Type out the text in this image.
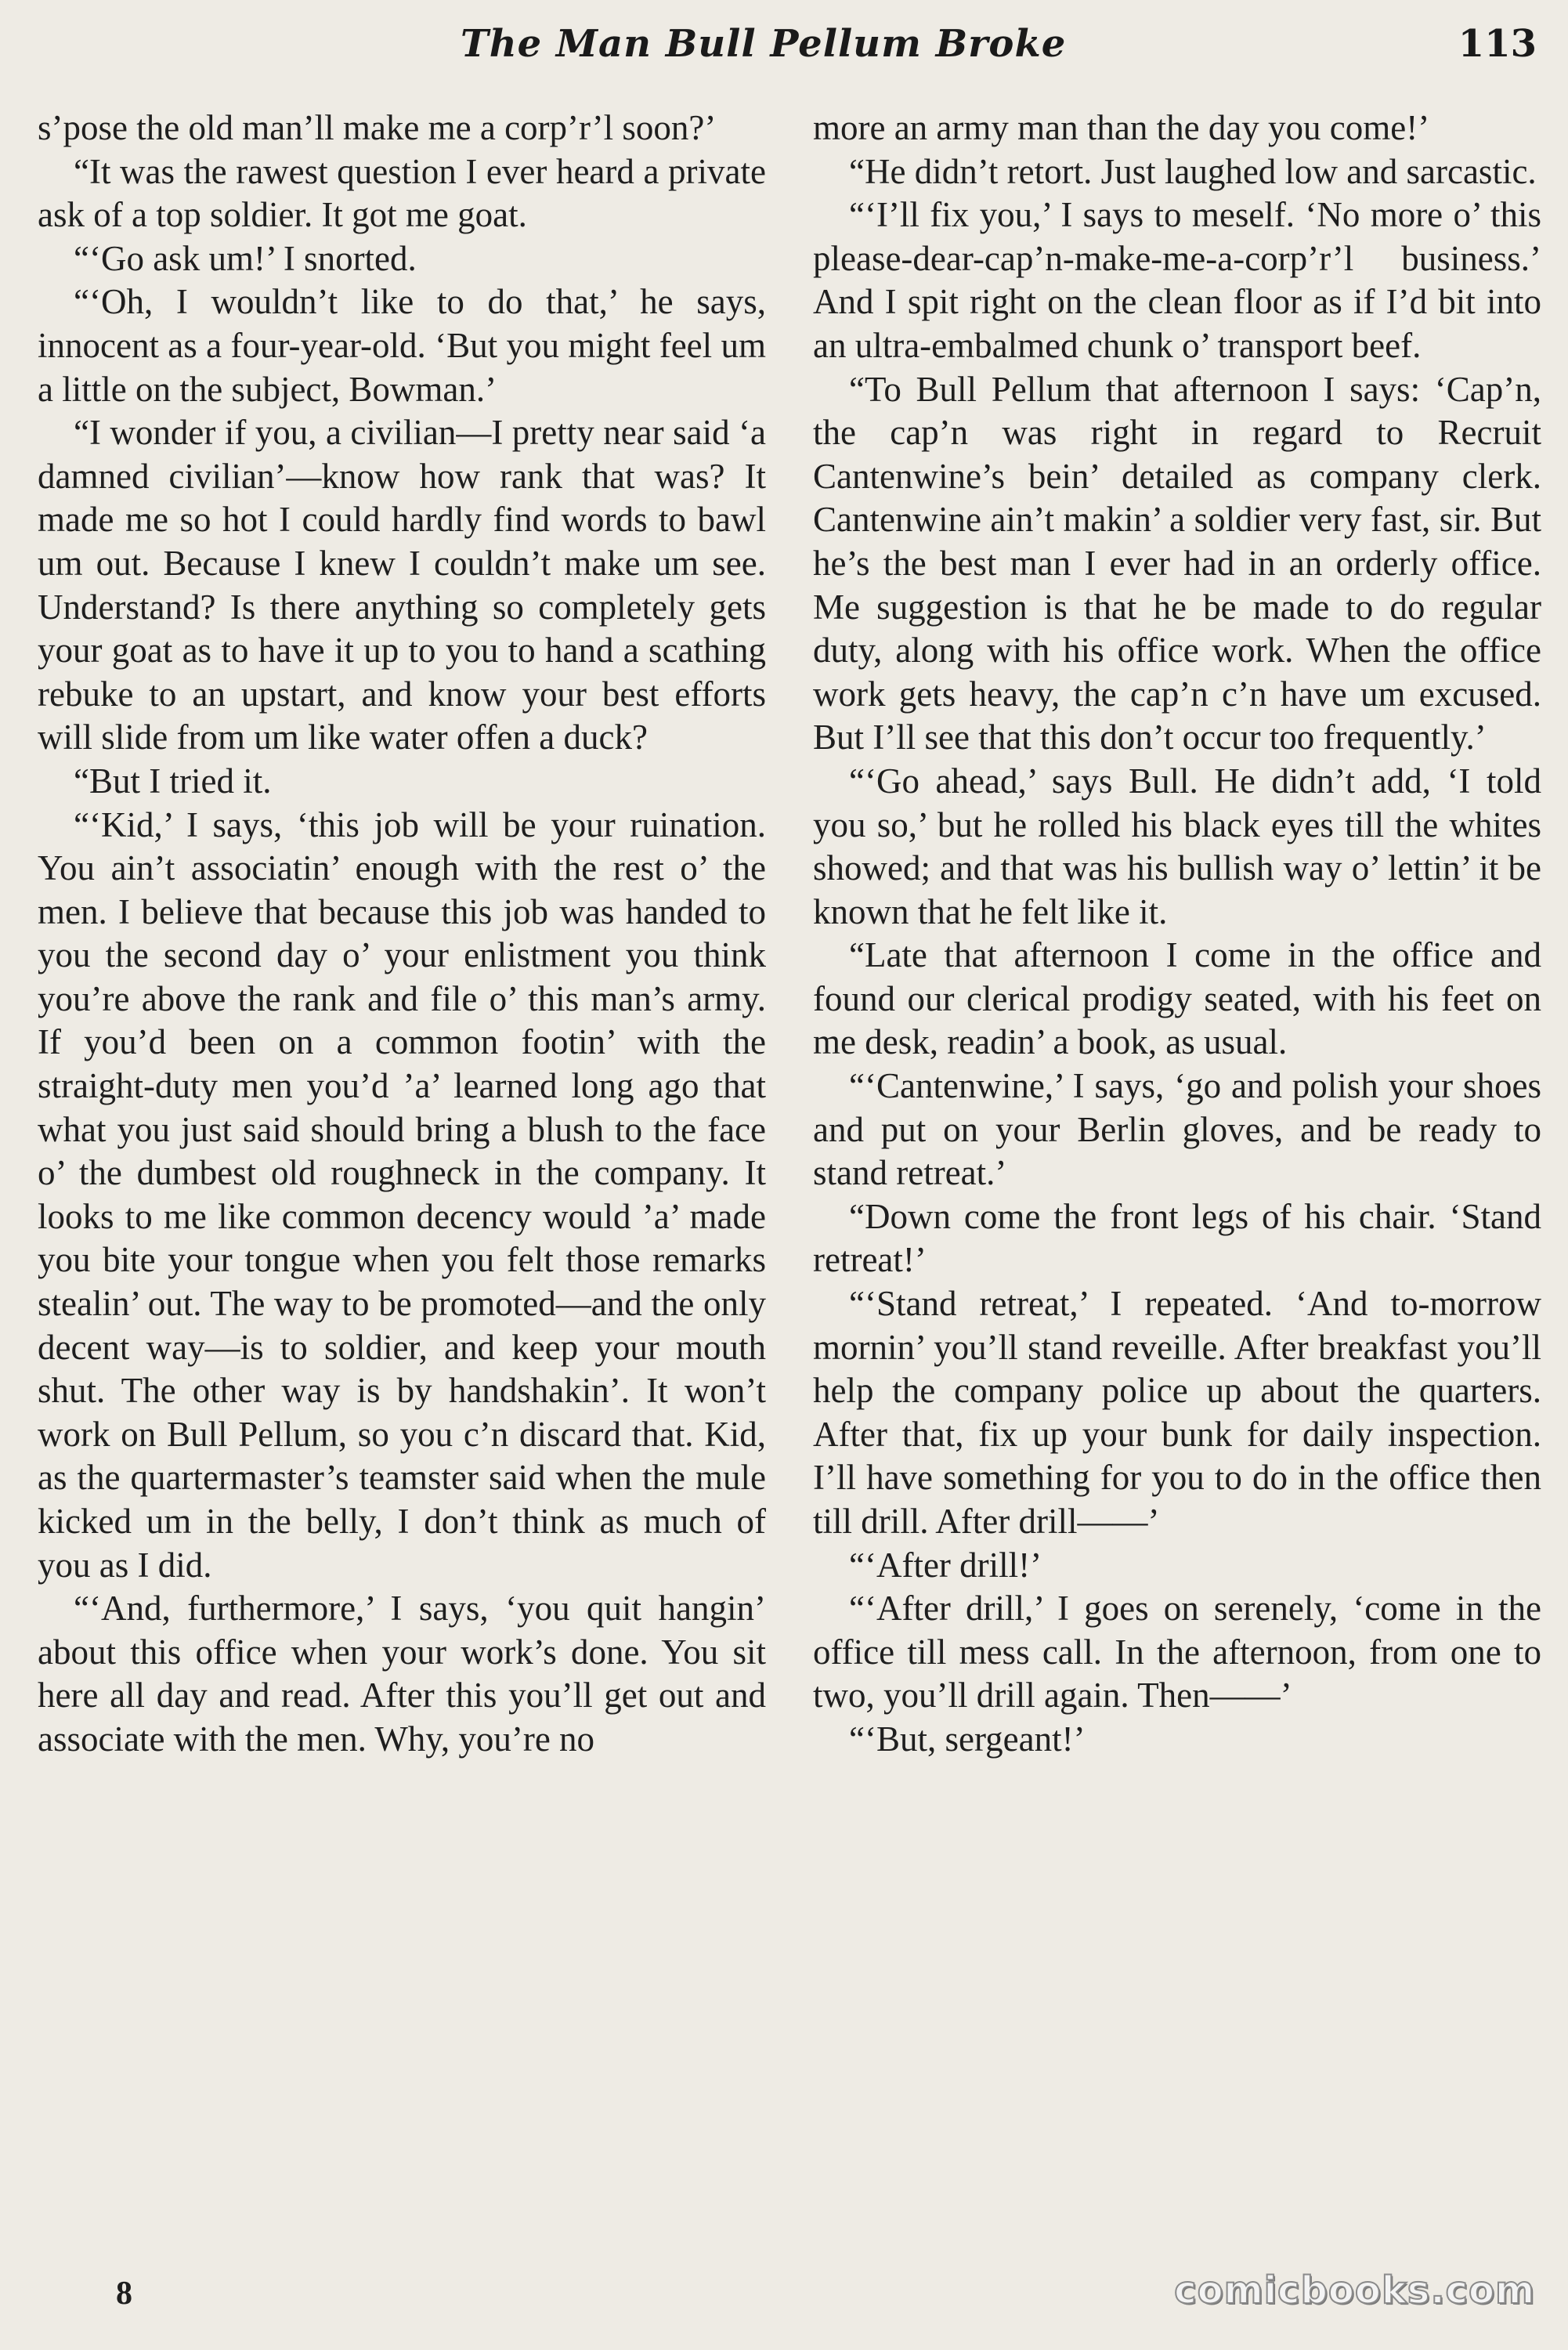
The Man Bull Pellum Broke	113

s’pose the old man’ll make me a corp’r’l soon?’

“It was the rawest question I ever heard a private ask of a top soldier. It got me goat.

“‘Go ask um!’ I snorted.

“‘Oh, I wouldn’t like to do that,’ he says, innocent as a four-year-old. ‘But you might feel um a little on the subject, Bowman.’

“I wonder if you, a civilian—I pretty near said ‘a damned civilian’—know how rank that was? It made me so hot I could hardly find words to bawl um out. Because I knew I couldn’t make um see. Understand? Is there anything so completely gets your goat as to have it up to you to hand a scathing rebuke to an upstart, and know your best efforts will slide from um like water offen a duck?

“But I tried it.

“‘Kid,’ I says, ‘this job will be your ruination. You ain’t associatin’ enough with the rest o’ the men. I believe that because this job was handed to you the second day o’ your enlistment you think you’re above the rank and file o’ this man’s army. If you’d been on a common footin’ with the straight-duty men you’d ’a’ learned long ago that what you just said should bring a blush to the face o’ the dumbest old roughneck in the company. It looks to me like common decency would ’a’ made you bite your tongue when you felt those remarks stealin’ out. The way to be promoted—and the only decent way—is to soldier, and keep your mouth shut. The other way is by handshakin’. It won’t work on Bull Pellum, so you c’n discard that. Kid, as the quartermaster’s teamster said when the mule kicked um in the belly, I don’t think as much of you as I did.

“‘And, furthermore,’ I says, ‘you quit hangin’ about this office when your work’s done. You sit here all day and read. After this you’ll get out and associate with the men. Why, you’re no

more an army man than the day you come!’

“He didn’t retort. Just laughed low and sarcastic.

“‘I’ll fix you,’ I says to meself. ‘No more o’ this please-dear-cap’n-make-me-a-corp’r’l business.’ And I spit right on the clean floor as if I’d bit into an ultra-embalmed chunk o’ transport beef.

“To Bull Pellum that afternoon I says: ‘Cap’n, the cap’n was right in regard to Recruit Cantenwine’s bein’ detailed as company clerk. Cantenwine ain’t makin’ a soldier very fast, sir. But he’s the best man I ever had in an orderly office. Me suggestion is that he be made to do regular duty, along with his office work. When the office work gets heavy, the cap’n c’n have um excused. But I’ll see that this don’t occur too frequently.’

“‘Go ahead,’ says Bull. He didn’t add, ‘I told you so,’ but he rolled his black eyes till the whites showed; and that was his bullish way o’ lettin’ it be known that he felt like it.

“Late that afternoon I come in the office and found our clerical prodigy seated, with his feet on me desk, readin’ a book, as usual.

“‘Cantenwine,’ I says, ‘go and polish your shoes and put on your Berlin gloves, and be ready to stand retreat.’

“Down come the front legs of his chair. ‘Stand retreat!’

“‘Stand retreat,’ I repeated. ‘And to-morrow mornin’ you’ll stand reveille. After breakfast you’ll help the company police up about the quarters. After that, fix up your bunk for daily inspection. I’ll have something for you to do in the office then till drill. After drill——’

“‘After drill!’

“‘After drill,’ I goes on serenely, ‘come in the office till mess call. In the afternoon, from one to two, you’ll drill again. Then——’

“‘But, sergeant!’

8	comicbooks.com
